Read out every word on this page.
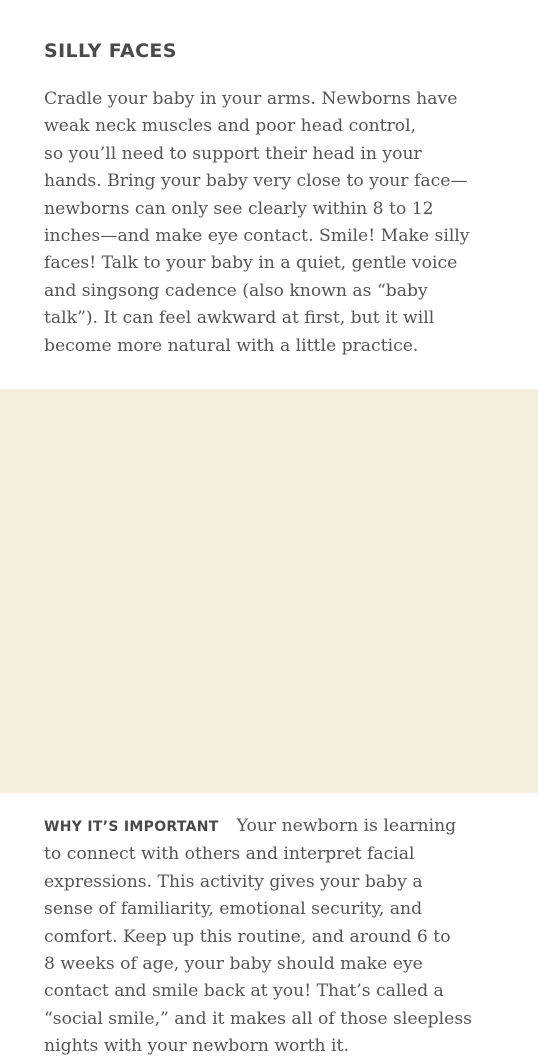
SILLY FACES
Cradle your baby in your arms. Newborns have
weak neck muscles and poor head control,
so you’ll need to support their head in your
hands. Bring your baby very close to your face—
newborns can only see clearly within 8 to 12
inches—and make eye contact. Smile! Make silly
faces! Talk to your baby in a quiet, gentle voice
and singsong cadence (also known as “baby
talk”). It can feel awkward at first, but it will
become more natural with a little practice.
WHY IT’S IMPORTANT Your newborn is learning
to connect with others and interpret facial
expressions. This activity gives your baby a
sense of familiarity, emotional security, and
comfort. Keep up this routine, and around 6 to
8 weeks of age, your baby should make eye
contact and smile back at you! That’s called a
“social smile,” and it makes all of those sleepless
nights with your newborn worth it.
